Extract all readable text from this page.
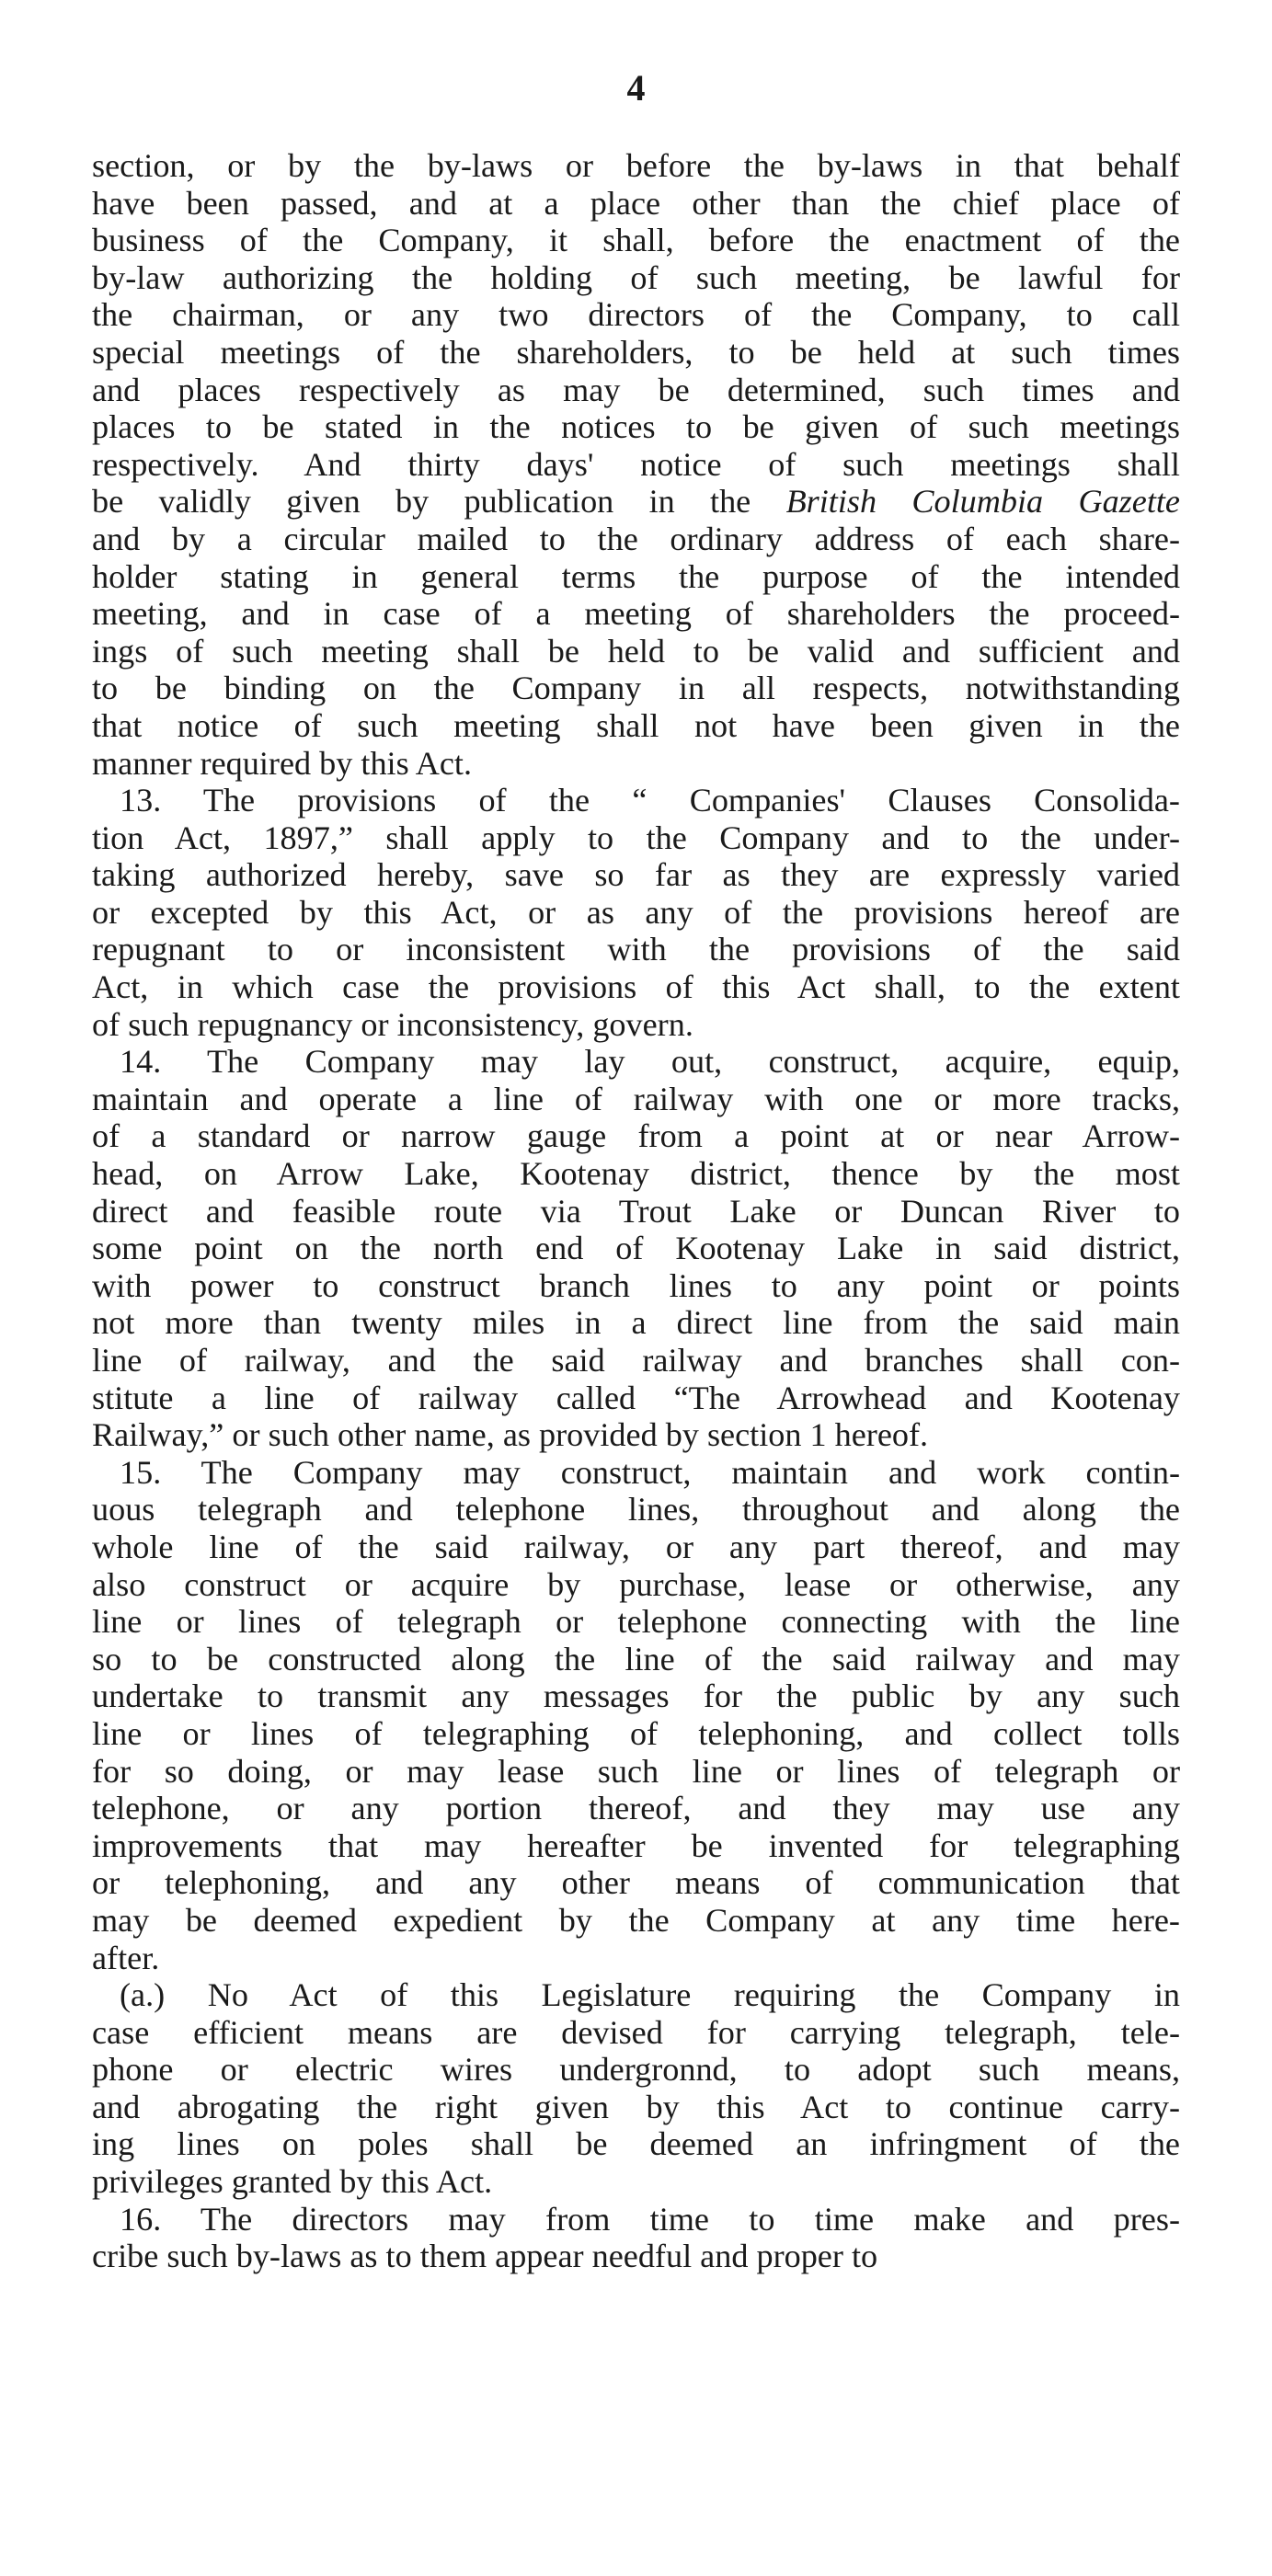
4
section, or by the by-laws or before the by-laws in that behalf
have been passed, and at a place other than the chief place of
business of the Company, it shall, before the enactment of the
by-law authorizing the holding of such meeting, be lawful for
the chairman, or any two directors of the Company, to call
special meetings of the shareholders, to be held at such times
and places respectively as may be determined, such times and
places to be stated in the notices to be given of such meetings
respectively. And thirty days' notice of such meetings shall
be validly given by publication in the British Columbia Gazette
and by a circular mailed to the ordinary address of each share-
holder stating in general terms the purpose of the intended
meeting, and in case of a meeting of shareholders the proceed-
ings of such meeting shall be held to be valid and sufficient and
to be binding on the Company in all respects, notwithstanding
that notice of such meeting shall not have been given in the
manner required by this Act.
13. The provisions of the “ Companies' Clauses Consolida-
tion Act, 1897,” shall apply to the Company and to the under-
taking authorized hereby, save so far as they are expressly varied
or excepted by this Act, or as any of the provisions hereof are
repugnant to or inconsistent with the provisions of the said
Act, in which case the provisions of this Act shall, to the extent
of such repugnancy or inconsistency, govern.
14. The Company may lay out, construct, acquire, equip,
maintain and operate a line of railway with one or more tracks,
of a standard or narrow gauge from a point at or near Arrow-
head, on Arrow Lake, Kootenay district, thence by the most
direct and feasible route via Trout Lake or Duncan River to
some point on the north end of Kootenay Lake in said district,
with power to construct branch lines to any point or points
not more than twenty miles in a direct line from the said main
line of railway, and the said railway and branches shall con-
stitute a line of railway called “The Arrowhead and Kootenay
Railway,” or such other name, as provided by section 1 hereof.
15. The Company may construct, maintain and work contin-
uous telegraph and telephone lines, throughout and along the
whole line of the said railway, or any part thereof, and may
also construct or acquire by purchase, lease or otherwise, any
line or lines of telegraph or telephone connecting with the line
so to be constructed along the line of the said railway and may
undertake to transmit any messages for the public by any such
line or lines of telegraphing of telephoning, and collect tolls
for so doing, or may lease such line or lines of telegraph or
telephone, or any portion thereof, and they may use any
improvements that may hereafter be invented for telegraphing
or telephoning, and any other means of communication that
may be deemed expedient by the Company at any time here-
after.
(a.) No Act of this Legislature requiring the Company in
case efficient means are devised for carrying telegraph, tele-
phone or electric wires undergronnd, to adopt such means,
and abrogating the right given by this Act to continue carry-
ing lines on poles shall be deemed an infringment of the
privileges granted by this Act.
16. The directors may from time to time make and pres-
cribe such by-laws as to them appear needful and proper to
